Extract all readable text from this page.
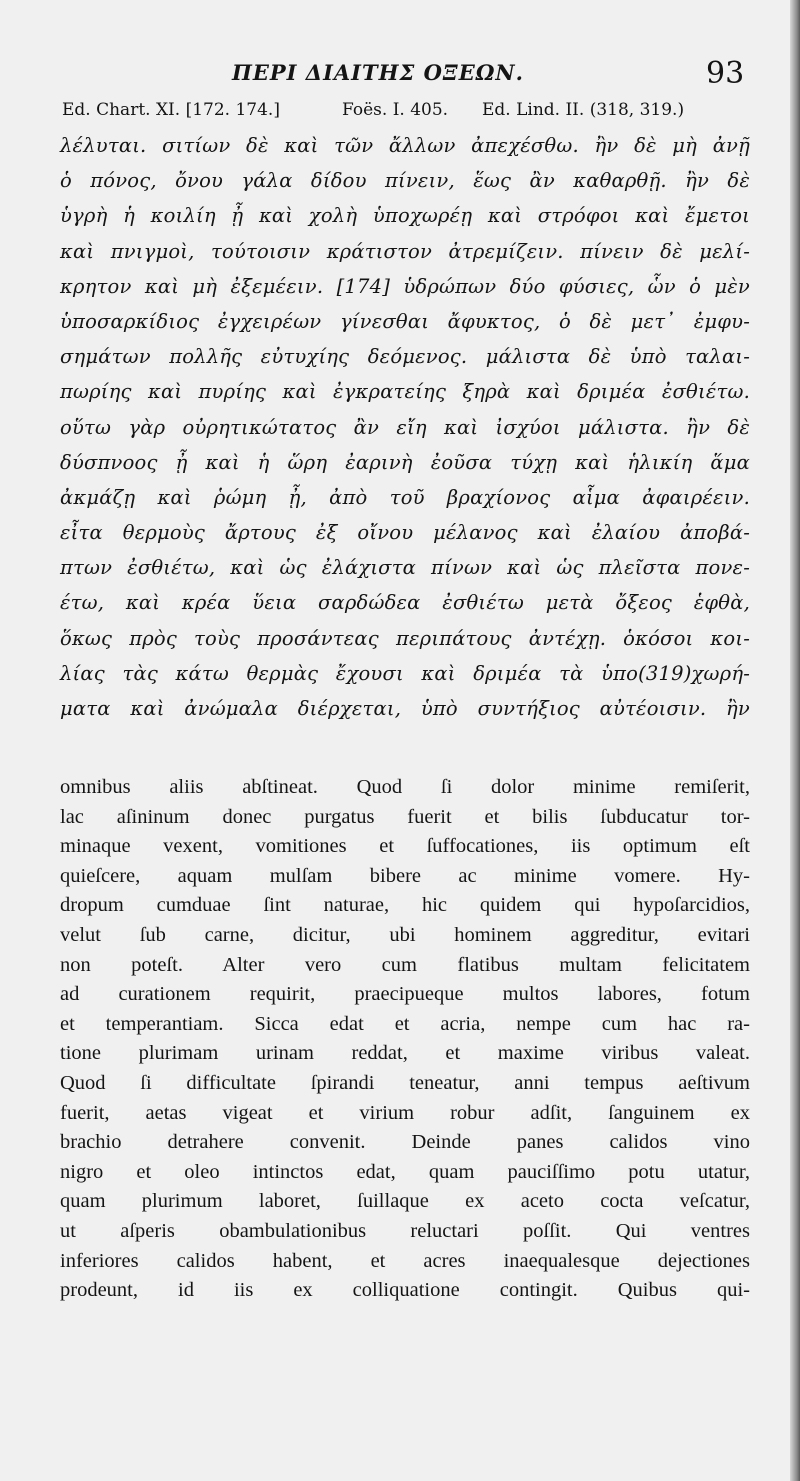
ΠΕΡΙ ΔΙΑΙΤΗΣ ΟΞΕΩΝ.	93
Ed. Chart. XI. [172. 174.]	Foës. I. 405. Ed. Lind. II. (318, 319.)
λέλυται. σιτίων δὲ καὶ τῶν ἄλλων ἀπεχέσθω. ἢν δὲ μὴ ἀνῇ
ὁ πόνος, ὄνου γάλα δίδου πίνειν, ἕως ἂν καθαρθῇ. ἢν δὲ
ὑγρὴ ἡ κοιλίη ᾖ καὶ χολὴ ὑποχωρέῃ καὶ στρόφοι καὶ ἔμετοι
καὶ πνιγμοὶ, τούτοισιν κράτιστον ἀτρεμίζειν. πίνειν δὲ μελί-
κρητον καὶ μὴ ἐξεμέειν. [174] ὑδρώπων δύο φύσιες, ὧν ὁ μὲν
ὑποσαρκίδιος ἐγχειρέων γίνεσθαι ἄφυκτος, ὁ δὲ μετ᾽ ἐμφυ-
σημάτων πολλῆς εὐτυχίης δεόμενος. μάλιστα δὲ ὑπὸ ταλαι-
πωρίης καὶ πυρίης καὶ ἐγκρατείης ξηρὰ καὶ δριμέα ἐσθιέτω.
οὕτω γὰρ οὐρητικώτατος ἂν εἴη καὶ ἰσχύοι μάλιστα. ἢν δὲ
δύσπνοος ᾖ καὶ ἡ ὥρη ἐαρινὴ ἐοῦσα τύχῃ καὶ ἡλικίη ἅμα
ἀκμάζῃ καὶ ῥώμη ᾖ, ἀπὸ τοῦ βραχίονος αἷμα ἀφαιρέειν.
εἶτα θερμοὺς ἄρτους ἐξ οἴνου μέλανος καὶ ἐλαίου ἀποβά-
πτων ἐσθιέτω, καὶ ὡς ἐλάχιστα πίνων καὶ ὡς πλεῖστα πονε-
έτω, καὶ κρέα ὕεια σαρδώδεα ἐσθιέτω μετὰ ὄξεος ἑφθὰ,
ὅκως πρὸς τοὺς προσάντεας περιπάτους ἀντέχῃ. ὁκόσοι κοι-
λίας τὰς κάτω θερμὰς ἔχουσι καὶ δριμέα τὰ ὑπο(319)χωρή-
ματα καὶ ἀνώμαλα διέρχεται, ὑπὸ συντήξιος αὐτέοισιν. ἢν
omnibus aliis abſtineat. Quod ſi dolor minime remiſerit,
lac aſininum donec purgatus fuerit et bilis ſubducatur tor-
minaque vexent, vomitiones et ſuffocationes, iis optimum eſt
quieſcere, aquam mulſam bibere ac minime vomere. Hy-
dropum cumduae ſint naturae, hic quidem qui hypoſarcidios,
velut ſub carne, dicitur, ubi hominem aggreditur, evitari
non poteſt. Alter vero cum flatibus multam felicitatem
ad curationem requirit, praecipueque multos labores, fotum
et temperantiam. Sicca edat et acria, nempe cum hac ra-
tione plurimam urinam reddat, et maxime viribus valeat.
Quod ſi difficultate ſpirandi teneatur, anni tempus aeſtivum
fuerit, aetas vigeat et virium robur adſit, ſanguinem ex
brachio detrahere convenit. Deinde panes calidos vino
nigro et oleo intinctos edat, quam pauciſſimo potu utatur,
quam plurimum laboret, ſuillaque ex aceto cocta veſcatur,
ut aſperis obambulationibus reluctari poſſit. Qui ventres
inferiores calidos habent, et acres inaequalesque dejectiones
prodeunt, id iis ex colliquatione contingit. Quibus qui-
